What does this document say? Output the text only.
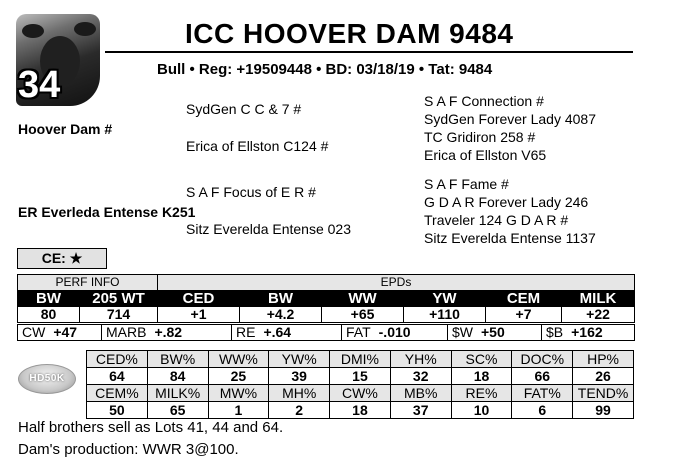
34
ICC HOOVER DAM 9484
Bull • Reg: +19509448 • BD: 03/18/19 • Tat: 9484
Hoover Dam #
SydGen C C & 7 #
Erica of Ellston C124 #
S A F Connection #
SydGen Forever Lady 4087
TC Gridiron 258 #
Erica of Ellston V65
ER Everleda Entense K251
S A F Focus of E R #
Sitz Everelda Entense 023
S A F Fame #
G D A R Forever Lady 246
Traveler 124 G D A R #
Sitz Everelda Entense 1137
CE: ★
PERF INFO		EPDs					
BW	205 WT	CED	BW	WW	YW	CEM	MILK
80	714	+1	+4.2	+65	+110	+7	+22
CW +47	MARB +.82	RE +.64	FAT -.010	$W +50	$B +162
HD50K
CED%	BW%	WW%	YW%	DMI%	YH%	SC%	DOC%	HP%
64	84	25	39	15	32	18	66	26
CEM%	MILK%	MW%	MH%	CW%	MB%	RE%	FAT%	TEND%
50	65	1	2	18	37	10	6	99
Half brothers sell as Lots 41, 44 and 64.
Dam's production: WWR 3@100.
